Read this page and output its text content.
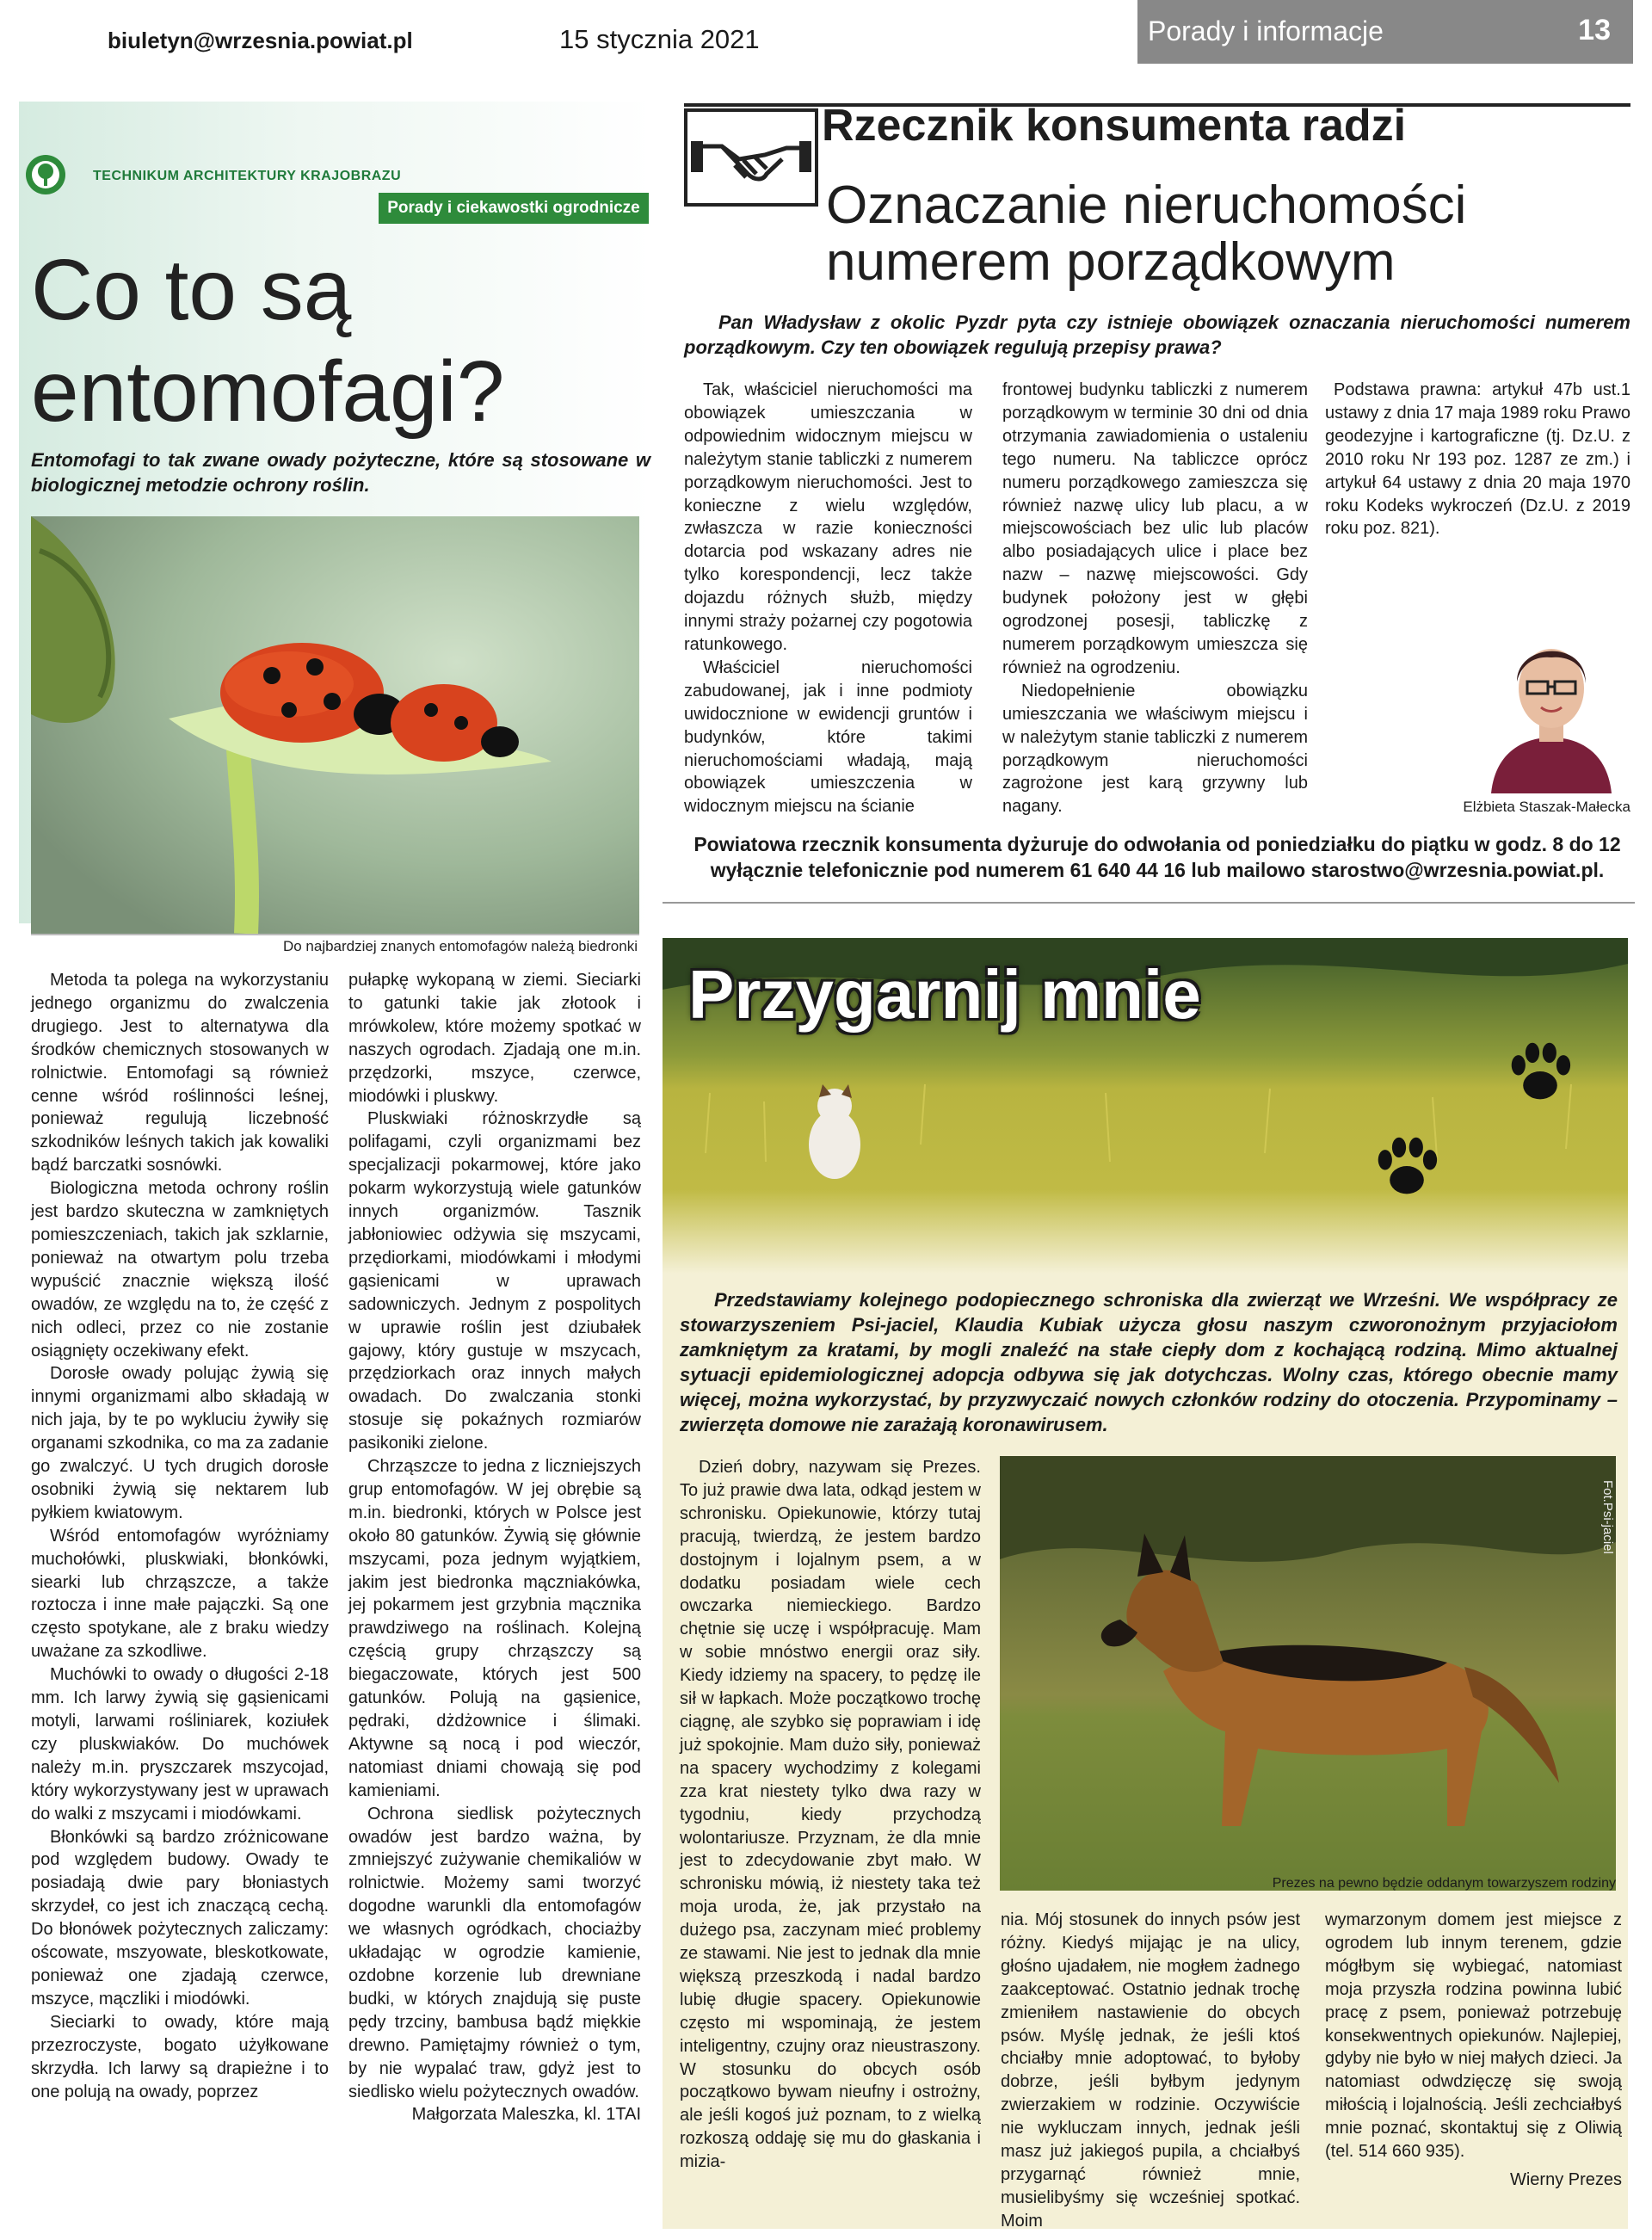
biuletyn@wrzesnia.powiat.pl	15 stycznia 2021	Porady i informacje	13
TECHNIKUM ARCHITEKTURY KRAJOBRAZU
Porady i ciekawostki ogrodnicze
Co to są
entomofagi?
Entomofagi to tak zwane owady pożyteczne, które są stosowane w biologicznej metodzie ochrony roślin.
Do najbardziej znanych entomofagów należą biedronki

Metoda ta polega na wykorzystaniu jednego organizmu do zwalczenia drugiego. Jest to alternatywa dla środków chemicznych stosowanych w rolnictwie. Entomofagi są również cenne wśród roślinności leśnej, ponieważ regulują liczebność szkodników leśnych takich jak kowaliki bądź barczatki sosnówki.

Biologiczna metoda ochrony roślin jest bardzo skuteczna w zamkniętych pomieszczeniach, takich jak szklarnie, ponieważ na otwartym polu trzeba wypuścić znacznie większą ilość owadów, ze względu na to, że część z nich odleci, przez co nie zostanie osiągnięty oczekiwany efekt.

Dorosłe owady polując żywią się innymi organizmami albo składają w nich jaja, by te po wykluciu żywiły się organami szkodnika, co ma za zadanie go zwalczyć. U tych drugich dorosłe osobniki żywią się nektarem lub pyłkiem kwiatowym.

Wśród entomofagów wyróżniamy muchołówki, pluskwiaki, błonkówki, siearki lub chrząszcze, a także roztocza i inne małe pajączki. Są one często spotykane, ale z braku wiedzy uważane za szkodliwe.

Muchówki to owady o długości 2-18 mm. Ich larwy żywią się gąsienicami motyli, larwami rośliniarek, koziułek czy pluskwiaków. Do muchówek należy m.in. pryszczarek mszycojad, który wykorzystywany jest w uprawach do walki z mszycami i miodówkami.

Błonkówki są bardzo zróżnicowane pod względem budowy. Owady te posiadają dwie pary błoniastych skrzydeł, co jest ich znaczącą cechą. Do błonówek pożytecznych zaliczamy: oścowate, mszyowate, bleskotkowate, ponieważ one zjadają czerwce, mszyce, mączliki i miodówki.

Sieciarki to owady, które mają przezroczyste, bogato użyłkowane skrzydła. Ich larwy są drapieżne i to one polują na owady, poprzez

pułapkę wykopaną w ziemi. Sieciarki to gatunki takie jak złotook i mrówkolew, które możemy spotkać w naszych ogrodach. Zjadają one m.in. przędzorki, mszyce, czerwce, miodówki i pluskwy.

Pluskwiaki różnoskrzydłe są polifagami, czyli organizmami bez specjalizacji pokarmowej, które jako pokarm wykorzystują wiele gatunków innych organizmów. Tasznik jabłoniowiec odżywia się mszycami, przędiorkami, miodówkami i młodymi gąsienicami w uprawach sadowniczych. Jednym z pospolitych w uprawie roślin jest dziubałek gajowy, który gustuje w mszycach, przędziorkach oraz innych małych owadach. Do zwalczania stonki stosuje się pokaźnych rozmiarów pasikoniki zielone.

Chrząszcze to jedna z liczniejszych grup entomofagów. W jej obrębie są m.in. biedronki, których w Polsce jest około 80 gatunków. Żywią się głównie mszycami, poza jednym wyjątkiem, jakim jest biedronka mączniakówka, jej pokarmem jest grzybnia mącznika prawdziwego na roślinach. Kolejną częścią grupy chrząszczy są biegaczowate, których jest 500 gatunków. Polują na gąsienice, pędraki, dżdżownice i ślimaki. Aktywne są nocą i pod wieczór, natomiast dniami chowają się pod kamieniami.

Ochrona siedlisk pożytecznych owadów jest bardzo ważna, by zmniejszyć zużywanie chemikaliów w rolnictwie. Możemy sami tworzyć dogodne warunkli dla entomofagów we własnych ogródkach, chociażby układając w ogrodzie kamienie, ozdobne korzenie lub drewniane budki, w których znajdują się puste pędy trzciny, bambusa bądź miękkie drewno. Pamiętajmy również o tym, by nie wypalać traw, gdyż jest to siedlisko wielu pożytecznych owadów.

Małgorzata Maleszka, kl. 1TAI

Rzecznik konsumenta radzi
Oznaczanie nieruchomości
numerem porządkowym
Pan Władysław z okolic Pyzdr pyta czy istnieje obowiązek oznaczania nieruchomości numerem porządkowym. Czy ten obowiązek regulują przepisy prawa?

Tak, właściciel nieruchomości ma obowiązek umieszczania w odpowiednim widocznym miejscu w należytym stanie tabliczki z numerem porządkowym nieruchomości. Jest to konieczne z wielu względów, zwłaszcza w razie konieczności dotarcia pod wskazany adres nie tylko korespondencji, lecz także dojazdu różnych służb, między innymi straży pożarnej czy pogotowia ratunkowego.

Właściciel nieruchomości zabudowanej, jak i inne podmioty uwidocznione w ewidencji gruntów i budynków, które takimi nieruchomościami władają, mają obowiązek umieszczenia w widocznym miejscu na ścianie

frontowej budynku tabliczki z numerem porządkowym w terminie 30 dni od dnia otrzymania zawiadomienia o ustaleniu tego numeru. Na tabliczce oprócz numeru porządkowego zamieszcza się również nazwę ulicy lub placu, a w miejscowościach bez ulic lub placów albo posiadających ulice i place bez nazw – nazwę miejscowości. Gdy budynek położony jest w głębi ogrodzonej posesji, tabliczkę z numerem porządkowym umieszcza się również na ogrodzeniu.

Niedopełnienie obowiązku umieszczania we właściwym miejscu i w należytym stanie tabliczki z numerem porządkowym nieruchomości zagrożone jest karą grzywny lub nagany.

Podstawa prawna: artykuł 47b ust.1 ustawy z dnia 17 maja 1989 roku Prawo geodezyjne i kartograficzne (tj. Dz.U. z 2010 roku Nr 193 poz. 1287 ze zm.) i artykuł 64 ustawy z dnia 20 maja 1970 roku Kodeks wykroczeń (Dz.U. z 2019 roku poz. 821).

Elżbieta Staszak-Małecka
Powiatowa rzecznik konsumenta dyżuruje do odwołania od poniedziałku do piątku w godz. 8 do 12
wyłącznie telefonicznie pod numerem 61 640 44 16 lub mailowo starostwo@wrzesnia.powiat.pl.
Przygarnij mnie
Przedstawiamy kolejnego podopiecznego schroniska dla zwierząt we Wrześni. We współpracy ze stowarzyszeniem Psi-jaciel, Klaudia Kubiak użycza głosu naszym czworonożnym przyjaciołom zamkniętym za kratami, by mogli znaleźć na stałe ciepły dom z kochającą rodziną. Mimo aktualnej sytuacji epidemiologicznej adopcja odbywa się jak dotychczas. Wolny czas, którego obecnie mamy więcej, można wykorzystać, by przyzwyczaić nowych członków rodziny do otoczenia. Przypominamy – zwierzęta domowe nie zarażają koronawirusem.

Dzień dobry, nazywam się Prezes. To już prawie dwa lata, odkąd jestem w schronisku. Opiekunowie, którzy tutaj pracują, twierdzą, że jestem bardzo dostojnym i lojalnym psem, a w dodatku posiadam wiele cech owczarka niemieckiego. Bardzo chętnie się uczę i współpracuję. Mam w sobie mnóstwo energii oraz siły. Kiedy idziemy na spacery, to pędzę ile sił w łapkach. Może początkowo trochę ciągnę, ale szybko się poprawiam i idę już spokojnie. Mam dużo siły, ponieważ na spacery wychodzimy z kolegami zza krat niestety tylko dwa razy w tygodniu, kiedy przychodzą wolontariusze. Przyznam, że dla mnie jest to zdecydowanie zbyt mało. W schronisku mówią, iż niestety taka też moja uroda, że, jak przystało na dużego psa, zaczynam mieć problemy ze stawami. Nie jest to jednak dla mnie większą przeszkodą i nadal bardzo lubię długie spacery. Opiekunowie często mi wspominają, że jestem inteligentny, czujny oraz nieustraszony. W stosunku do obcych osób początkowo bywam nieufny i ostrożny, ale jeśli kogoś już poznam, to z wielką rozkoszą oddaję się mu do głaskania i mizia-

Fot.Psi-jaciel
Prezes na pewno będzie oddanym towarzyszem rodziny

nia. Mój stosunek do innych psów jest różny. Kiedyś mijając je na ulicy, głośno ujadałem, nie mogłem żadnego zaakceptować. Ostatnio jednak trochę zmieniłem nastawienie do obcych psów. Myślę jednak, że jeśli ktoś chciałby mnie adoptować, to byłoby dobrze, jeśli byłbym jedynym zwierzakiem w rodzinie. Oczywiście nie wykluczam innych, jednak jeśli masz już jakiegoś pupila, a chciałbyś przygarnąć również mnie, musielibyśmy się wcześniej spotkać. Moim

wymarzonym domem jest miejsce z ogrodem lub innym terenem, gdzie mógłbym się wybiegać, natomiast moja przyszła rodzina powinna lubić pracę z psem, ponieważ potrzebuję konsekwentnych opiekunów. Najlepiej, gdyby nie było w niej małych dzieci. Ja natomiast odwdzięczę się swoją miłością i lojalnością. Jeśli zechciałbyś mnie poznać, skontaktuj się z Oliwią (tel. 514 660 935).

Wierny Prezes
